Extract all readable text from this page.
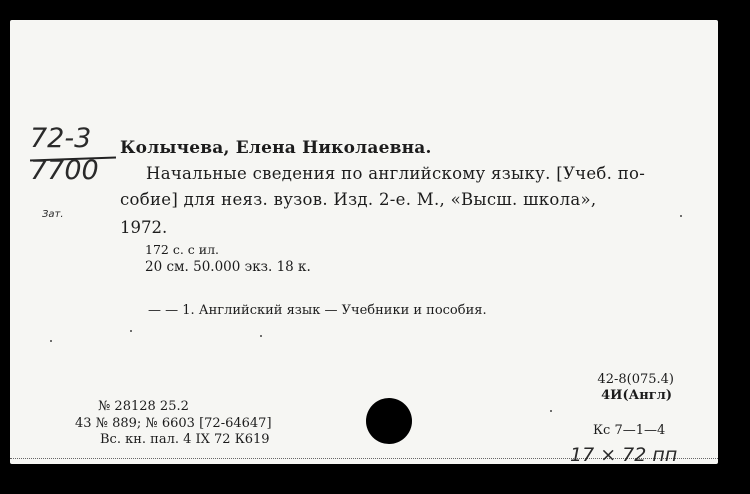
72-3
7700
Зат.
Колычева, Елена Николаевна.
Начальные сведения по английскому языку. [Учеб. по-
собие] для неяз. вузов. Изд. 2-е. М., «Высш. школа»,
1972.
172 с. с ил.
20 см. 50.000 экз. 18 к.
— — 1. Английский язык — Учебники и пособия.
42-8(075.4)
4И(Англ)
Кс 7—1—4
№ 28128 25.2
43 № 889; № 6603 [72-64647]
Вс. кн. пал. 4 IX 72 К619
17 × 72 пп
